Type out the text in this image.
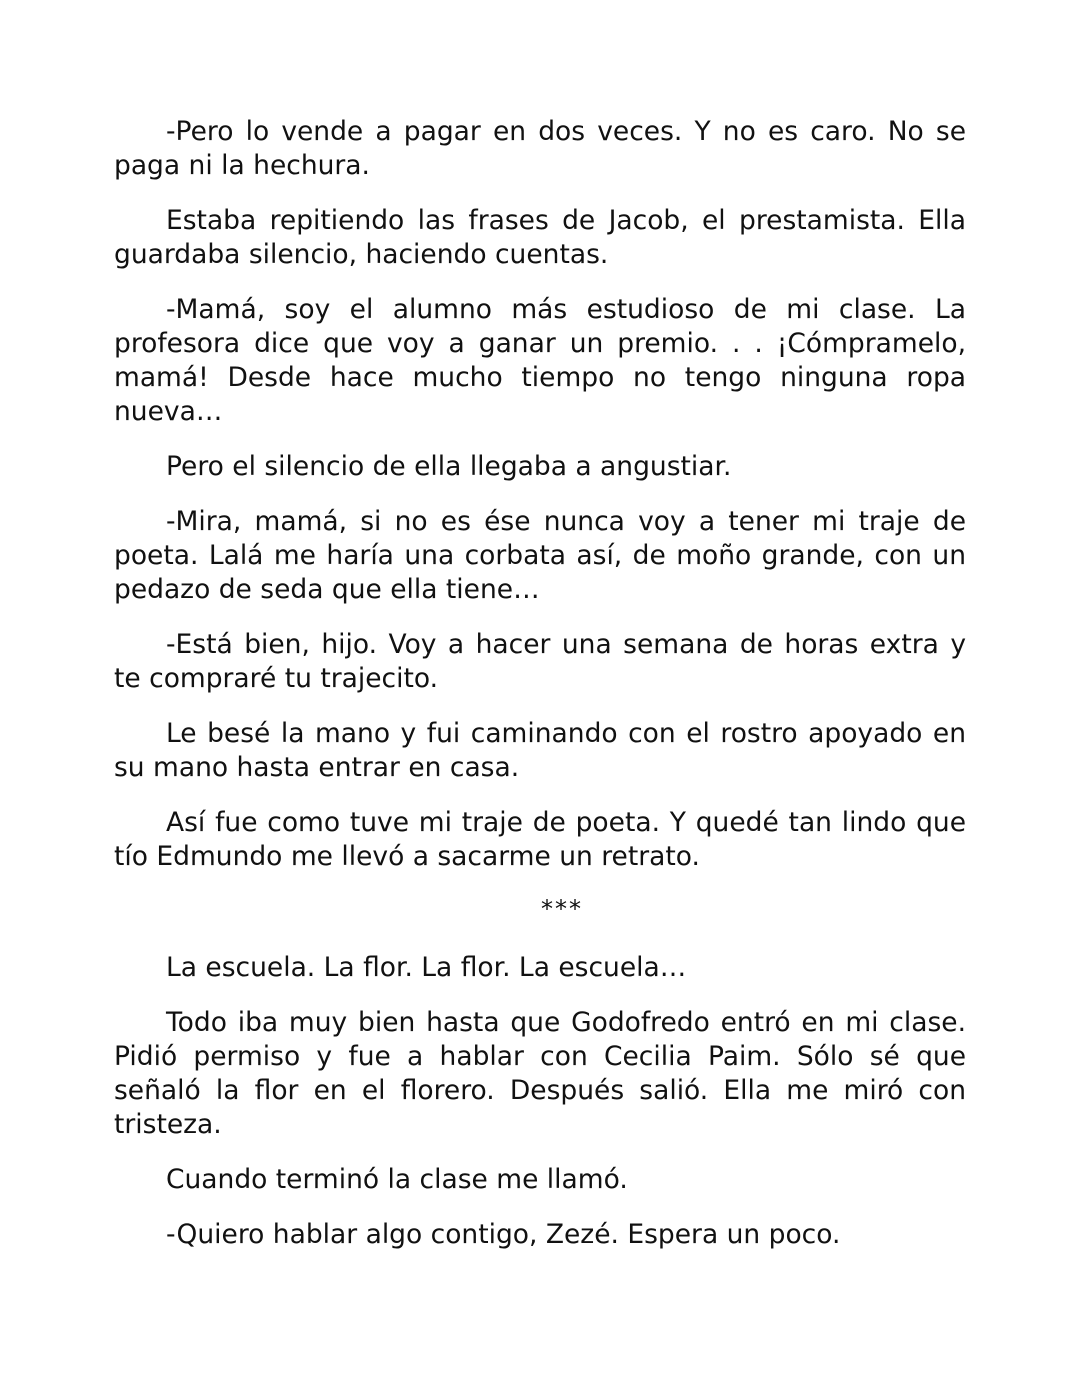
-Pero lo vende a pagar en dos veces. Y no es caro. No se paga ni la hechura.

Estaba repitiendo las frases de Jacob, el prestamista. Ella guardaba silencio, haciendo cuentas.

-Mamá, soy el alumno más estudioso de mi clase. La profesora dice que voy a ganar un premio. . . ¡Cómpramelo, mamá! Desde hace mucho tiempo no tengo ninguna ropa nueva…

Pero el silencio de ella llegaba a angustiar.

-Mira, mamá, si no es ése nunca voy a tener mi traje de poeta. Lalá me haría una corbata así, de moño grande, con un pedazo de seda que ella tiene…

-Está bien, hijo. Voy a hacer una semana de horas extra y te compraré tu trajecito.

Le besé la mano y fui caminando con el rostro apoyado en su mano hasta entrar en casa.

Así fue como tuve mi traje de poeta. Y quedé tan lindo que tío Edmundo me llevó a sacarme un retrato.

***

La escuela. La flor. La flor. La escuela…

Todo iba muy bien hasta que Godofredo entró en mi clase. Pidió permiso y fue a hablar con Cecilia Paim. Sólo sé que señaló la flor en el florero. Después salió. Ella me miró con tristeza.

Cuando terminó la clase me llamó.

-Quiero hablar algo contigo, Zezé. Espera un poco.
